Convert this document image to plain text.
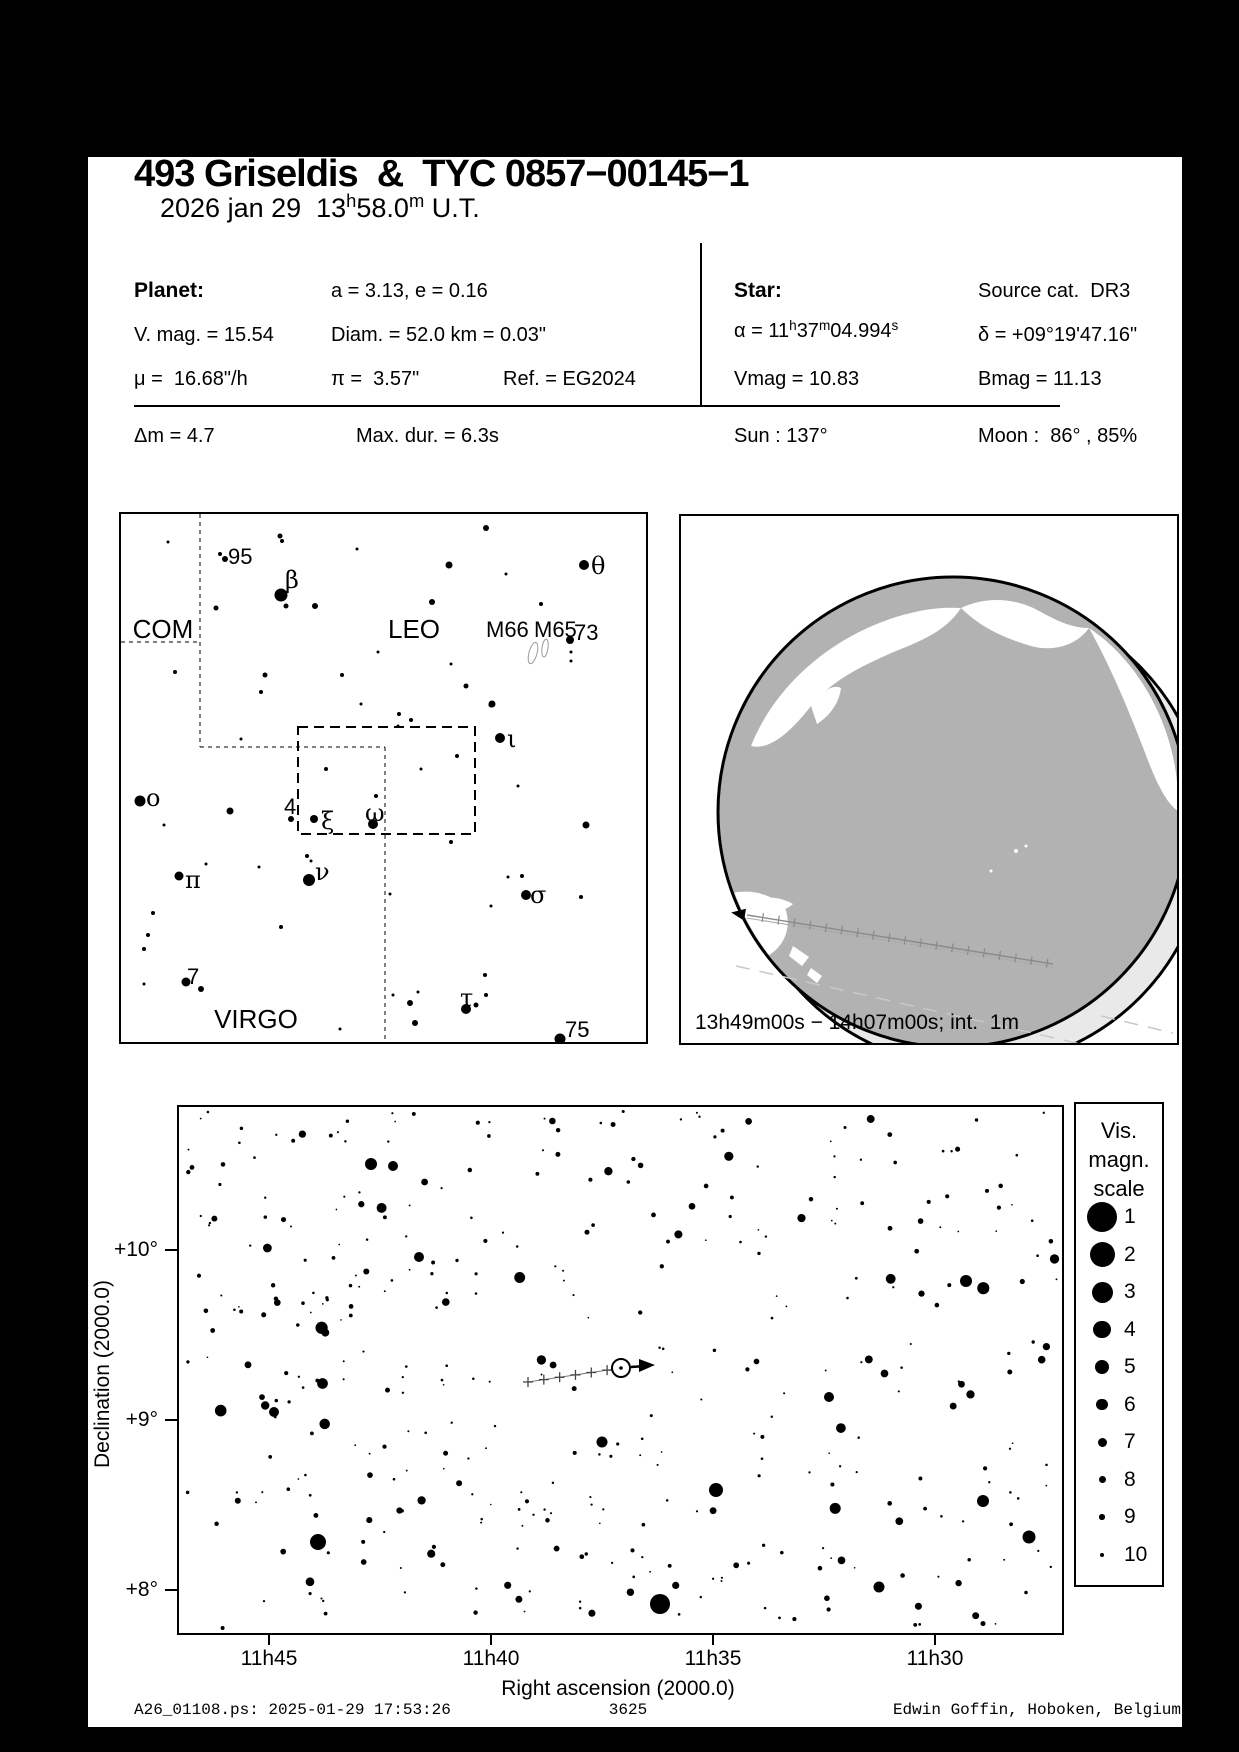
493 Griseldis  &  TYC 0857−00145−1
2026 jan 29  13$^h$58.0$^m$ U.T.
Planet:	a = 3.13, e = 0.16	Star:	Source cat.  DR3
V. mag. = 15.54	Diam. = 52.0 km = 0.03"	$\alpha = 11^h37^m04.994^s$	δ = +09°19'47.16"
μ =  16.68"/h	π =  3.57"	Ref. = EG2024	Vmag = 10.83	Bmag = 11.13
Δm = 4.7	Max. dur. = 6.3s	Sun : 137°	Moon :  86° , 85%
COM	LEO
VIRGO
95
M66 M65
73
4
7
75
β	θ
ι
o
ξ ω
π	ν
σ
τ
13h49m00s − 14h07m00s; int.  1m
11h45	11h40	11h35	11h30
+10°
+9°
+8°
Right ascension (2000.0)
Declination (2000.0)
Vis.
magn.
scale
1
2
3
4
5
6
7
8
9
10
A26_01108.ps: 2025-01-29 17:53:26	3625	Edwin Goffin, Hoboken, Belgium
